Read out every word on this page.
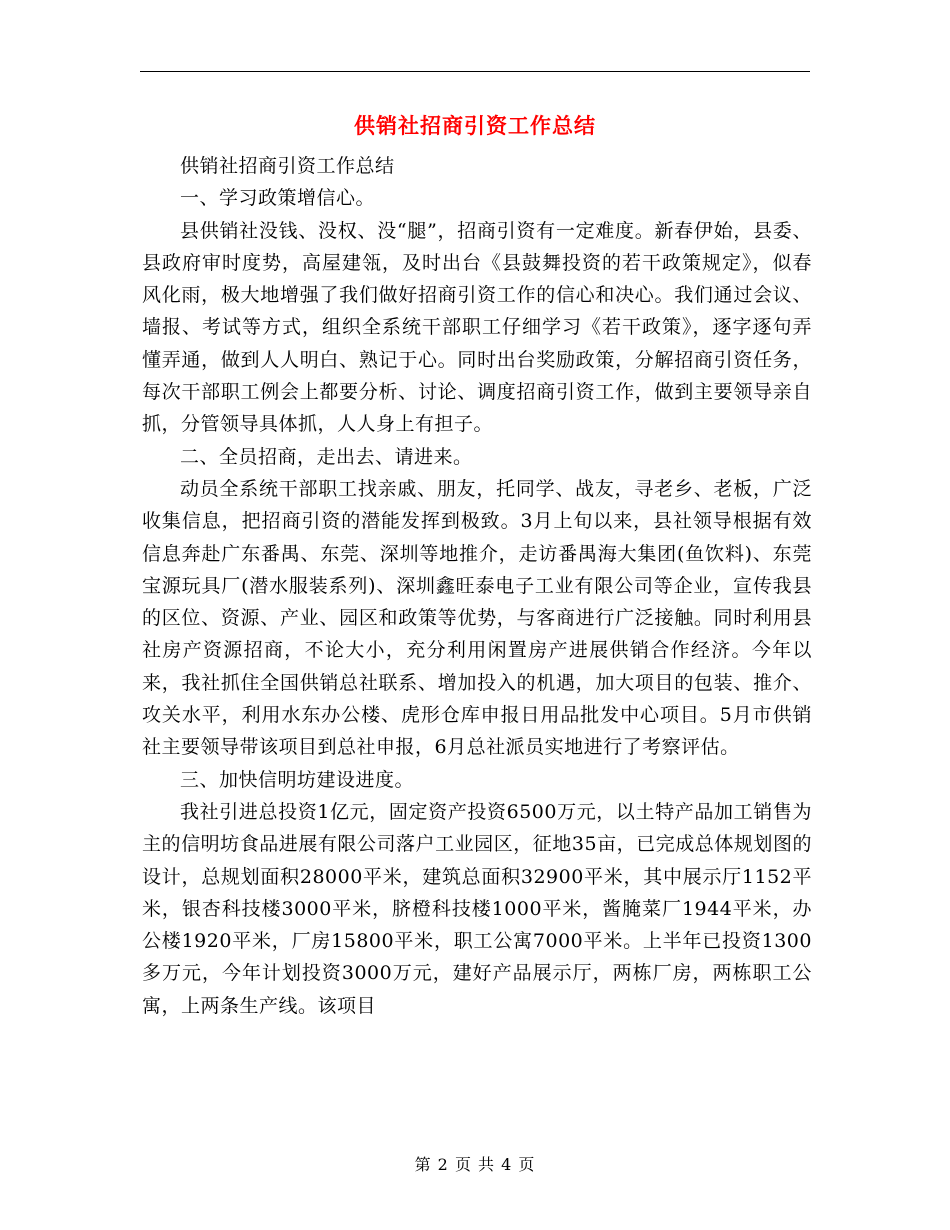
供销社招商引资工作总结

供销社招商引资工作总结

一、学习政策增信心。

县供销社没钱、没权、没“腿”，招商引资有一定难度。新春伊始，县委、县政府审时度势，高屋建瓴，及时出台《县鼓舞投资的若干政策规定》，似春风化雨，极大地增强了我们做好招商引资工作的信心和决心。我们通过会议、墙报、考试等方式，组织全系统干部职工仔细学习《若干政策》，逐字逐句弄懂弄通，做到人人明白、熟记于心。同时出台奖励政策，分解招商引资任务，每次干部职工例会上都要分析、讨论、调度招商引资工作，做到主要领导亲自抓，分管领导具体抓，人人身上有担子。

二、全员招商，走出去、请进来。

动员全系统干部职工找亲戚、朋友，托同学、战友，寻老乡、老板，广泛收集信息，把招商引资的潜能发挥到极致。3月上旬以来，县社领导根据有效信息奔赴广东番禺、东莞、深圳等地推介，走访番禺海大集团(鱼饮料)、东莞宝源玩具厂(潜水服装系列)、深圳鑫旺泰电子工业有限公司等企业，宣传我县的区位、资源、产业、园区和政策等优势，与客商进行广泛接触。同时利用县社房产资源招商，不论大小，充分利用闲置房产进展供销合作经济。今年以来，我社抓住全国供销总社联系、增加投入的机遇，加大项目的包装、推介、攻关水平，利用水东办公楼、虎形仓库申报日用品批发中心项目。5月市供销社主要领导带该项目到总社申报，6月总社派员实地进行了考察评估。

三、加快信明坊建设进度。

我社引进总投资1亿元，固定资产投资6500万元，以土特产品加工销售为主的信明坊食品进展有限公司落户工业园区，征地35亩，已完成总体规划图的设计，总规划面积28000平米，建筑总面积32900平米，其中展示厅1152平米，银杏科技楼3000平米，脐橙科技楼1000平米，酱腌菜厂1944平米，办公楼1920平米，厂房15800平米，职工公寓7000平米。上半年已投资1300多万元，今年计划投资3000万元，建好产品展示厅，两栋厂房，两栋职工公寓，上两条生产线。该项目

第 2 页 共 4 页
